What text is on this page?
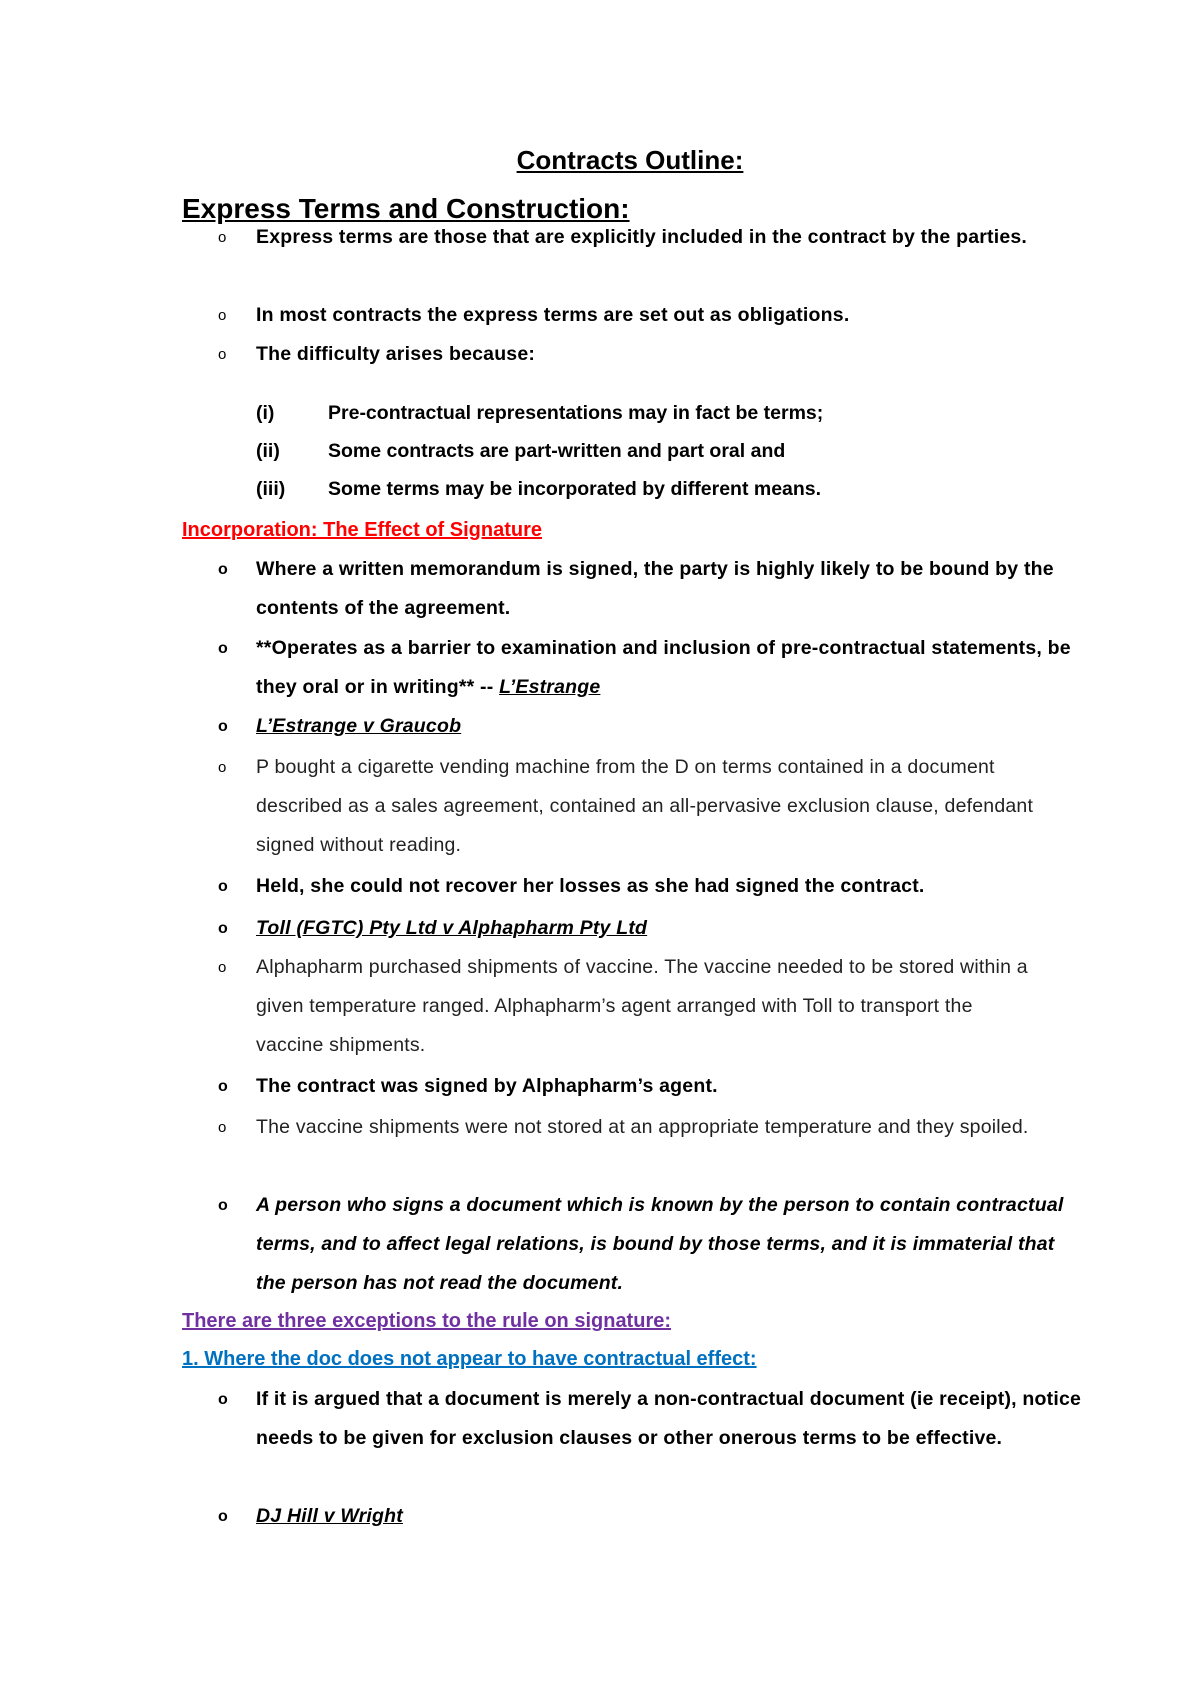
Contracts Outline:
Express Terms and Construction:
o	Express terms are those that are explicitly included in the contract by the parties.
o	In most contracts the express terms are set out as obligations.
o	The difficulty arises because:
(i)	Pre-contractual representations may in fact be terms;
(ii) Some contracts are part-written and part oral and
(iii) Some terms may be incorporated by different means.
Incorporation: The Effect of Signature
o	Where a written memorandum is signed, the party is highly likely to be bound by the contents of the agreement.
o	**Operates as a barrier to examination and inclusion of pre-contractual statements, be they oral or in writing** -- L’Estrange
o	L’Estrange v Graucob
o	P bought a cigarette vending machine from the D on terms contained in a document described as a sales agreement, contained an all-pervasive exclusion clause, defendant signed without reading.
o	Held, she could not recover her losses as she had signed the contract.
o	Toll (FGTC) Pty Ltd v Alphapharm Pty Ltd
o	Alphapharm purchased shipments of vaccine. The vaccine needed to be stored within a given temperature ranged. Alphapharm’s agent arranged with Toll to transport the vaccine shipments.
o	The contract was signed by Alphapharm’s agent.
o	The vaccine shipments were not stored at an appropriate temperature and they spoiled.
o	A person who signs a document which is known by the person to contain contractual terms, and to affect legal relations, is bound by those terms, and it is immaterial that the person has not read the document.
There are three exceptions to the rule on signature:
1. Where the doc does not appear to have contractual effect:
o	If it is argued that a document is merely a non-contractual document (ie receipt), notice needs to be given for exclusion clauses or other onerous terms to be effective.
o	DJ Hill v Wright
